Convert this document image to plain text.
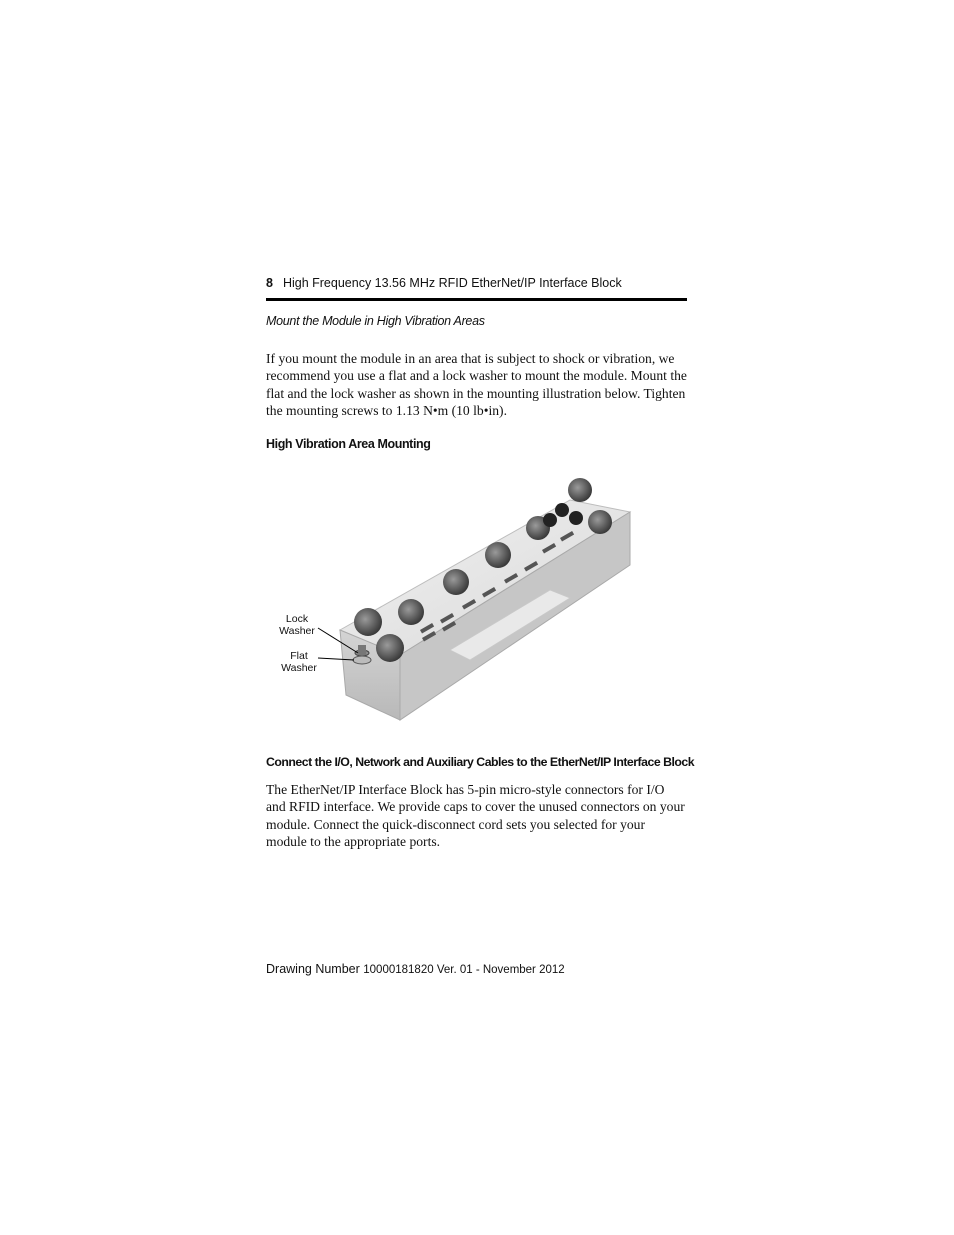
8 High Frequency 13.56 MHz RFID EtherNet/IP Interface Block
Mount the Module in High Vibration Areas
If you mount the module in an area that is subject to shock or vibration, we recommend you use a flat and a lock washer to mount the module. Mount the flat and the lock washer as shown in the mounting illustration below. Tighten the mounting screws to 1.13 N•m (10 lb•in).
High Vibration Area Mounting
Lock Washer
Flat Washer
Connect the I/O, Network and Auxiliary Cables to the EtherNet/IP Interface Block
The EtherNet/IP Interface Block has 5-pin micro-style connectors for I/O and RFID interface. We provide caps to cover the unused connectors on your module. Connect the quick-disconnect cord sets you selected for your module to the appropriate ports.
Drawing Number 10000181820 Ver. 01 - November 2012
